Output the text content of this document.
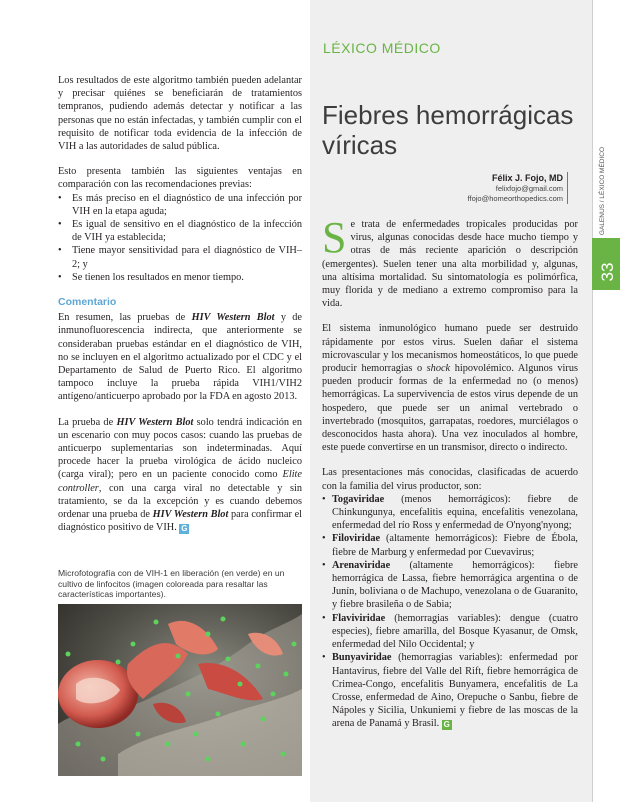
Los resultados de este algoritmo también pueden adelantar y precisar quiénes se beneficiarán de tratamientos tempranos, pudiendo además detectar y notificar a las personas que no están infectadas, y también cumplir con el requisito de notificar toda evidencia de la infección de VIH a las autoridades de salud pública.

Esto presenta también las siguientes ventajas en comparación con las recomendaciones previas:

• Es más preciso en el diagnóstico de una infección por VIH en la etapa aguda;
• Es igual de sensitivo en el diagnóstico de la infección de VIH ya establecida;
• Tiene mayor sensitividad para el diagnóstico de VIH–2; y
• Se tienen los resultados en menor tiempo.
Comentario

En resumen, las pruebas de HIV Western Blot y de inmunofluorescencia indirecta, que anteriormente se consideraban pruebas estándar en el diagnóstico de VIH, no se incluyen en el algoritmo actualizado por el CDC y el Departamento de Salud de Puerto Rico. El algoritmo tampoco incluye la prueba rápida VIH1/VIH2 antígeno/anticuerpo aprobado por la FDA en agosto 2013.

La prueba de HIV Western Blot solo tendrá indicación en un escenario con muy pocos casos: cuando las pruebas de anticuerpo suplementarias son indeterminadas. Aquí procede hacer la prueba virológica de ácido nucleico (carga viral); pero en un paciente conocido como Elite controller, con una carga viral no detectable y sin tratamiento, se da la excepción y es cuando debemos ordenar una prueba de HIV Western Blot para confirmar el diagnóstico positivo de VIH. G

Microfotografía con de VIH-1 en liberación (en verde) en un cultivo de linfocitos (imagen coloreada para resaltar las características importantes).
LÉXICO MÉDICO
Fiebres hemorrágicas víricas
Félix J. Fojo, MD
felixfojo@gmail.com
ffojo@homeorthopedics.com

Se trata de enfermedades tropicales producidas por virus, algunas conocidas desde hace mucho tiempo y otras de más reciente aparición o descripción (emergentes). Suelen tener una alta morbilidad y, algunas, una altísima mortalidad. Su sintomatología es polimórfica, muy florida y de mediano a extremo compromiso para la vida.

El sistema inmunológico humano puede ser destruido rápidamente por estos virus. Suelen dañar el sistema microvascular y los mecanismos homeostáticos, lo que puede producir hemorragias o shock hipovolémico. Algunos virus pueden producir formas de la enfermedad no (o menos) hemorrágicas. La supervivencia de estos virus depende de un hospedero, que puede ser un animal vertebrado o invertebrado (mosquitos, garrapatas, roedores, murciélagos o desconocidos hasta ahora). Una vez inoculados al hombre, este puede convertirse en un transmisor, directo o indirecto.

Las presentaciones más conocidas, clasificadas de acuerdo con la familia del virus productor, son:

• Togaviridae (menos hemorrágicos): fiebre de Chinkungunya, encefalitis equina, encefalitis venezolana, enfermedad del río Ross y enfermedad de O'nyong'nyong;
• Filoviridae (altamente hemorrágicos): Fiebre de Ébola, fiebre de Marburg y enfermedad por Cuevavirus;
• Arenaviridae (altamente hemorrágicos): fiebre hemorrágica de Lassa, fiebre hemorrágica argentina o de Junín, boliviana o de Machupo, venezolana o de Guaranito, y fiebre brasileña o de Sabia;
• Flaviviridae (hemorragias variables): dengue (cuatro especies), fiebre amarilla, del Bosque Kyasanur, de Omsk, enfermedad del Nilo Occidental; y
• Bunyaviridae (hemorragias variables): enfermedad por Hantavirus, fiebre del Valle del Rift, fiebre hemorrágica de Crimea-Congo, encefalitis Bunyamera, encefalitis de La Crosse, enfermedad de Aino, Orepuche o Sanbu, fiebre de Nápoles y Sicilia, Unkuniemi y fiebre de las moscas de la arena de Panamá y Brasil. G
GALENUS / LÉXICO MÉDICO
33
